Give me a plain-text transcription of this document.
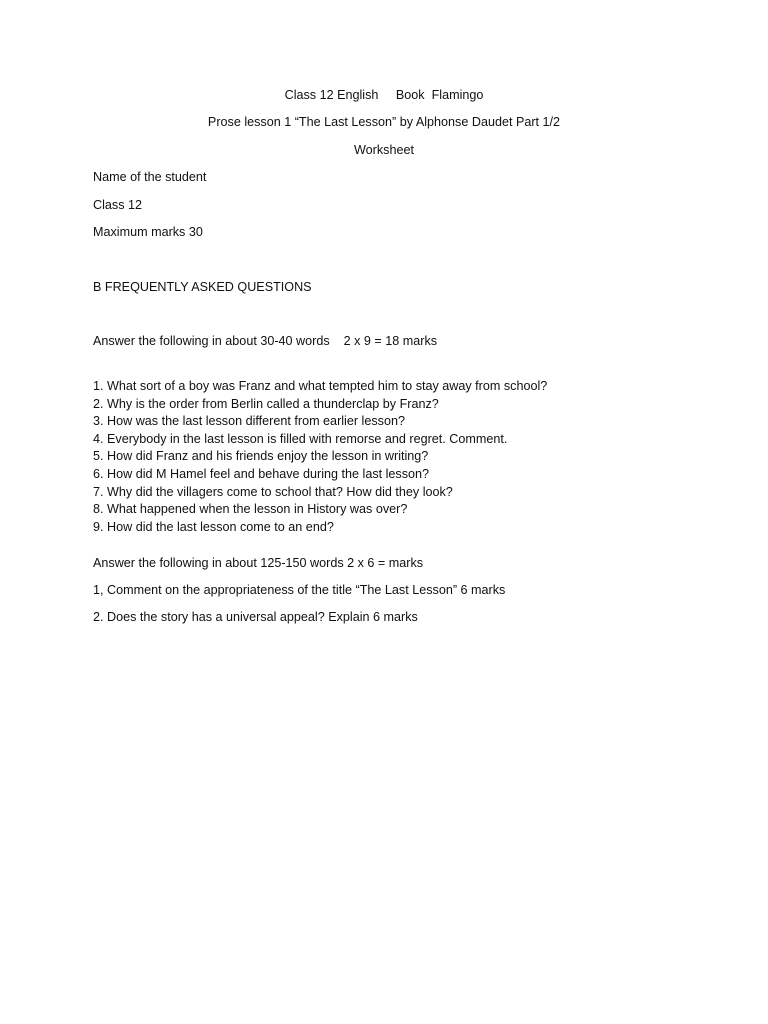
Class 12 English     Book  Flamingo
Prose lesson 1 “The Last Lesson” by Alphonse Daudet Part 1/2
Worksheet
Name of the student
Class 12
Maximum marks 30
B FREQUENTLY ASKED QUESTIONS
Answer the following in about 30-40 words    2 x 9 = 18 marks
1. What sort of a boy was Franz and what tempted him to stay away from school?
2. Why is the order from Berlin called a thunderclap by Franz?
3. How was the last lesson different from earlier lesson?
4. Everybody in the last lesson is filled with remorse and regret. Comment.
5. How did Franz and his friends enjoy the lesson in writing?
6. How did M Hamel feel and behave during the last lesson?
7. Why did the villagers come to school that? How did they look?
8. What happened when the lesson in History was over?
9. How did the last lesson come to an end?
Answer the following in about 125-150 words 2 x 6 = marks
1, Comment on the appropriateness of the title “The Last Lesson” 6 marks
2. Does the story has a universal appeal? Explain 6 marks
